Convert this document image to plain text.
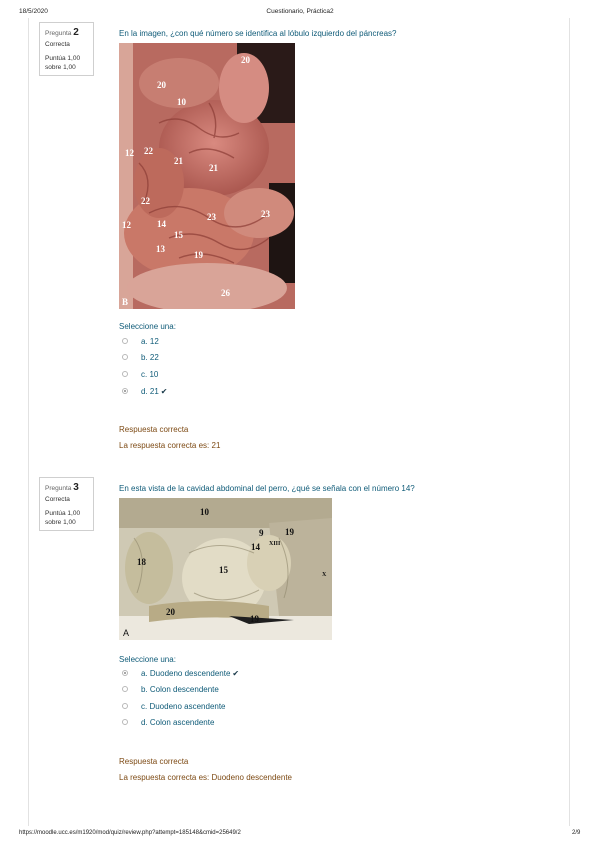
18/5/2020	Cuestionario, Práctica2
Pregunta 2
Correcta
Puntúa 1,00
sobre 1,00
En la imagen, ¿con qué número se identifica al lóbulo izquierdo del páncreas?
20
20
10
12 22
21
21
22
12	14
15
23	23
13
19
26
B
Seleccione una:
a. 12
b. 22
c. 10
d. 21 ✔
Respuesta correcta
La respuesta correcta es: 21
Pregunta 3
Correcta
Puntúa 1,00
sobre 1,00
En esta vista de la cavidad abdominal del perro, ¿qué se señala con el número 14?
10
9
XIII
19
14
18
15	X
20
19
A
Seleccione una:
a. Duodeno descendente ✔
b. Colon descendente
c. Duodeno ascendente
d. Colon ascendente
Respuesta correcta
La respuesta correcta es: Duodeno descendente
https://moodle.ucc.es/m1920/mod/quiz/review.php?attempt=185148&cmid=25649/2	2/9
